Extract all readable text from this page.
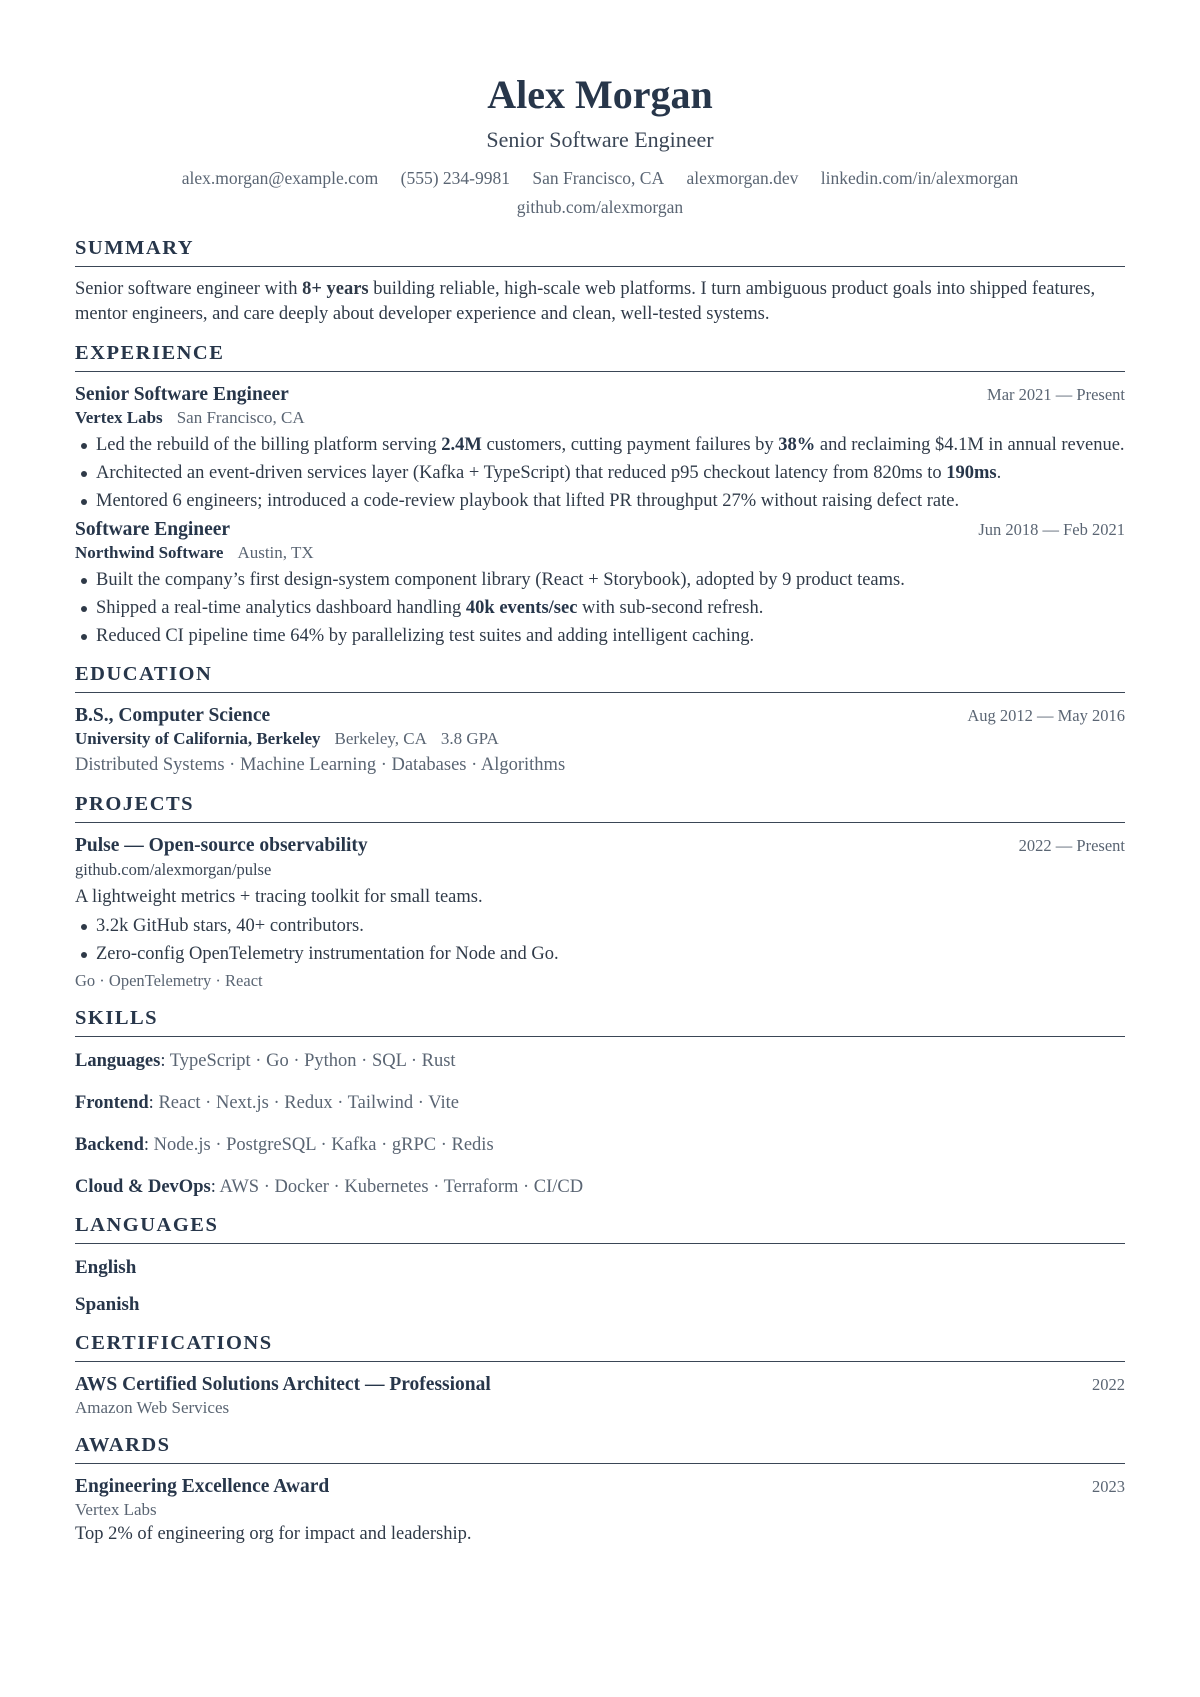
Alex Morgan
Senior Software Engineer
alex.morgan@example.com (555) 234-9981 San Francisco, CA alexmorgan.dev linkedin.com/in/alexmorgan github.com/alexmorgan
SUMMARY
Senior software engineer with 8+ years building reliable, high-scale web platforms. I turn ambiguous product goals into shipped features, mentor engineers, and care deeply about developer experience and clean, well-tested systems.
EXPERIENCE
Senior Software Engineer	Mar 2021 — Present
Vertex Labs San Francisco, CA
Led the rebuild of the billing platform serving 2.4M customers, cutting payment failures by 38% and reclaiming $4.1M in annual revenue.
Architected an event-driven services layer (Kafka + TypeScript) that reduced p95 checkout latency from 820ms to 190ms.
Mentored 6 engineers; introduced a code-review playbook that lifted PR throughput 27% without raising defect rate.
Software Engineer	Jun 2018 — Feb 2021
Northwind Software Austin, TX
Built the company’s first design-system component library (React + Storybook), adopted by 9 product teams.
Shipped a real-time analytics dashboard handling 40k events/sec with sub-second refresh.
Reduced CI pipeline time 64% by parallelizing test suites and adding intelligent caching.
EDUCATION
B.S., Computer Science	Aug 2012 — May 2016
University of California, Berkeley Berkeley, CA 3.8 GPA
Distributed Systems · Machine Learning · Databases · Algorithms
PROJECTS
Pulse — Open-source observability	2022 — Present
github.com/alexmorgan/pulse
A lightweight metrics + tracing toolkit for small teams.
3.2k GitHub stars, 40+ contributors.
Zero-config OpenTelemetry instrumentation for Node and Go.
Go · OpenTelemetry · React
SKILLS
Languages: TypeScript · Go · Python · SQL · Rust
Frontend: React · Next.js · Redux · Tailwind · Vite
Backend: Node.js · PostgreSQL · Kafka · gRPC · Redis
Cloud & DevOps: AWS · Docker · Kubernetes · Terraform · CI/CD
LANGUAGES
English
Spanish
CERTIFICATIONS
AWS Certified Solutions Architect — Professional	2022
Amazon Web Services
AWARDS
Engineering Excellence Award	2023
Vertex Labs
Top 2% of engineering org for impact and leadership.
